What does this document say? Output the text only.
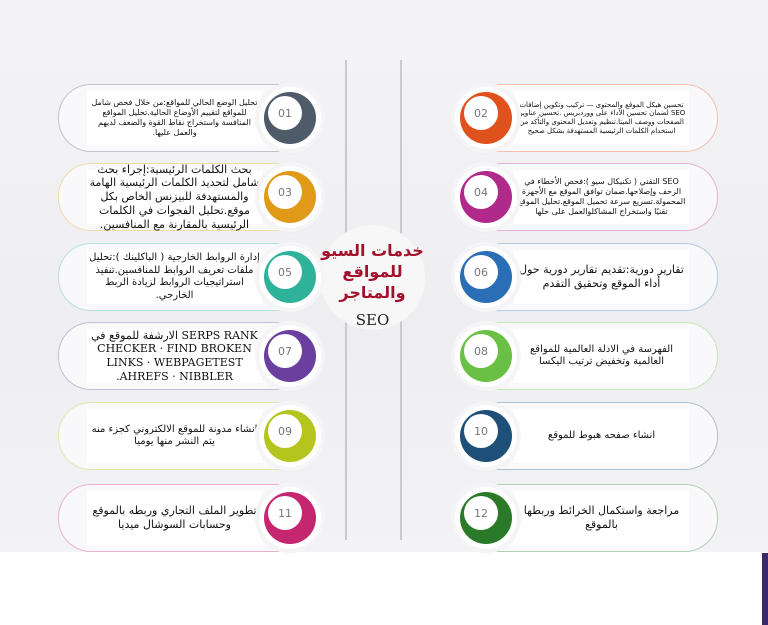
خدمات السيو
للمواقع والمتاجر
SEO
تحليل الوضع الحالي للمواقع:من خلال فحص شامل للمواقع لتقييم الأوضاع الحالية.تحليل المواقع المنافسة واستخراج نقاط القوة والضعف لديهم والعمل عليها.
01
تحسين هيكل الموقع والمحتوى — تركيب وتكوين إضافات SEO لضمان تحسين الأداء على ووردبريس .تحسين عناوين الصفحات ووصف الميتا.تنظيم وتعديل المحتوى والتأكد من استخدام الكلمات الرئيسية المستهدفة بشكل صحيح
02
بحث الكلمات الرئيسية:إجراء بحث شامل لتحديد الكلمات الرئيسية الهامة والمستهدفة للبيزنس الخاص بكل موقع.تحليل الفجوات في الكلمات الرئيسية بالمقارنة مع المنافسين.
03
SEO التقني ( تكنيكال سيو ):فحص الأخطاء في الزحف وإصلاحها.ضمان توافق الموقع مع الأجهزة المحمولة.تسريع سرعة تحميل الموقع.تحليل الموقع تقنيًا واستخراج المشاكلوالعمل على حلها
04
إدارة الروابط الخارجية ( الباكلينك ):تحليل ملفات تعريف الروابط للمنافسين.تنفيذ استراتيجيات الروابط لزيادة الربط الخارجي.
05	تقارير دورية:تقديم تقارير دورية حول أداء الموقع وتحقيق التقدم
06
الارشفة للموقع في SERPS RANK CHECKER · FIND BROKEN LINKS · WEBPAGETEST .AHREFS · NIBBLER
07	الفهرسة في الادلة العالمية للمواقع العالمية وتخفيض ترتيب اليكسا
08
انشاء مدونة للموقع الالكتروني كجزء منه يتم النشر منها يوميا
09	انشاء صفحه هبوط للموقع
10
تطوير الملف التجاري وربطه بالموقع وحسابات السوشال ميديا
11	مراجعة واستكمال الخرائط وربطها بالموقع
12
